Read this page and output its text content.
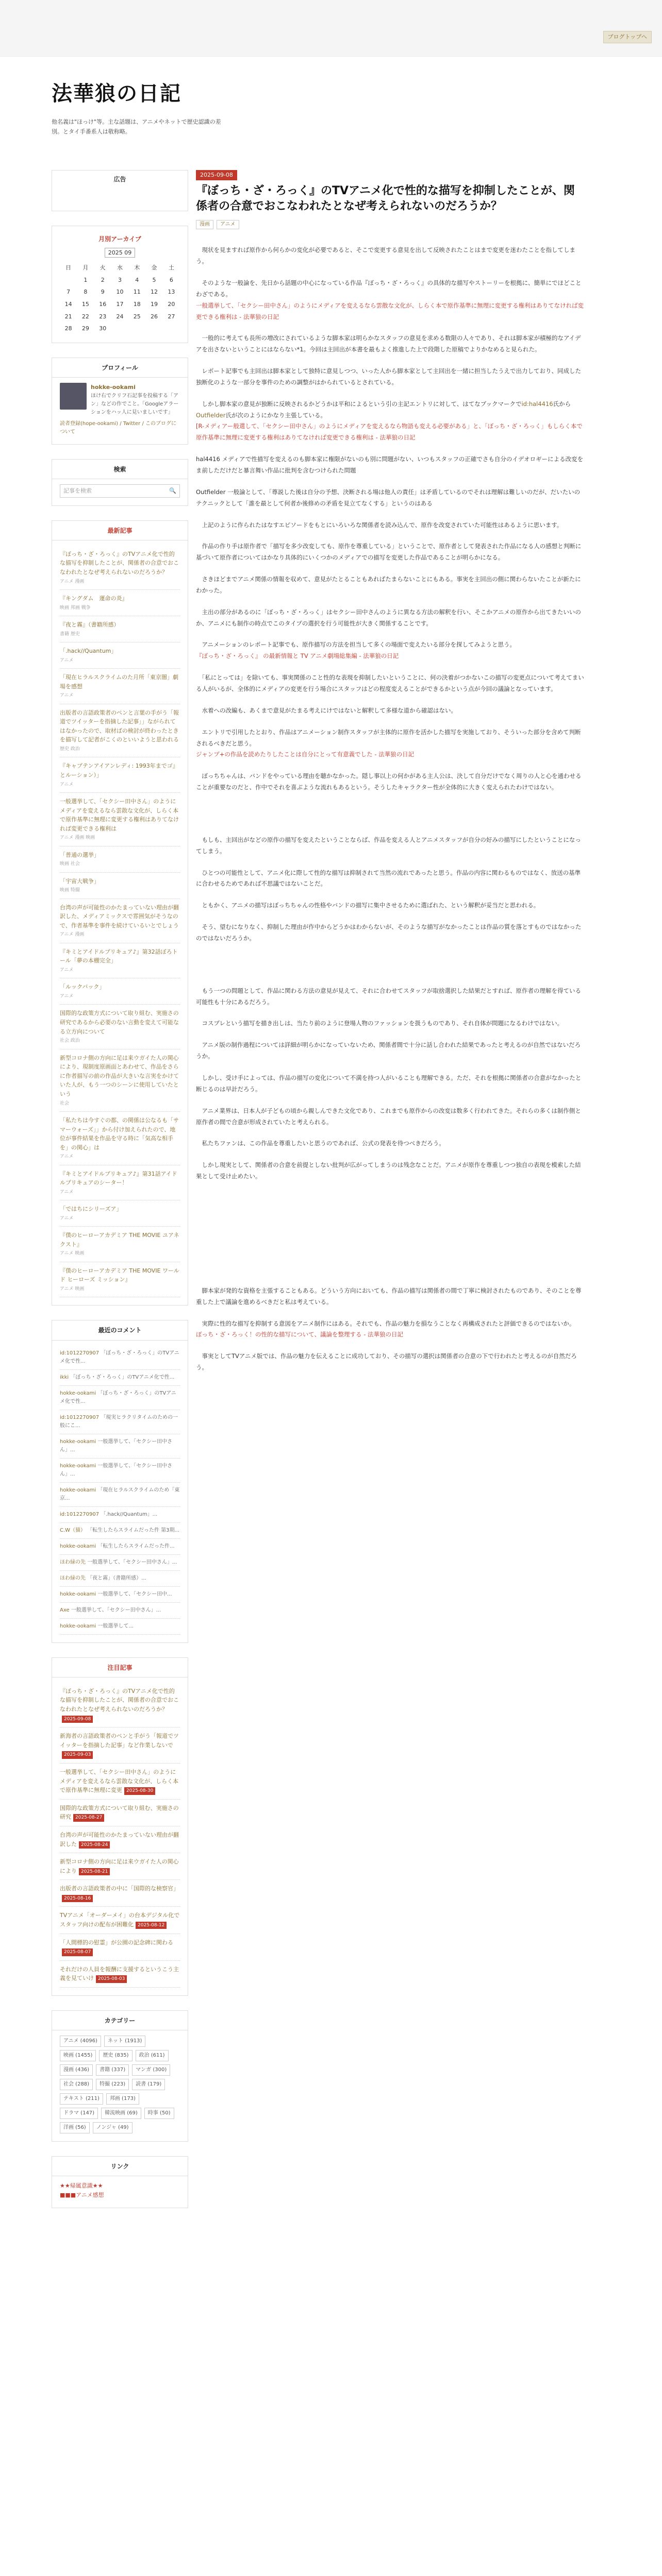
ブログトップへ
法華狼の日記
他名義は"ほっけ"等。主な話題は、アニメやネットで歴史認識の差別。とタイ手番系人は敬称略。
広告
月別アーカイブ
2025 09
日	月	火	水	木	金	土
	1	2	3	4	5	6
7	8	9	10	11	12	13
14	15	16	17	18	19	20
21	22	23	24	25	26	27
28	29	30				
プロフィール
hokke-ookami

ほけ右でクリフ石記事を投稿する「アン」などの作でこと。「Googleアラーションをハッ人に見いましいです」

読者登録(hope-ookami) / Twitter / このブログについて
検索
記事を検索	🔍
最新記事
『ぼっち・ざ・ろっく』のTVアニメ化で性的な描写を抑制したことが、関係者の合意でおこなわれたとなぜ考えられないのだろうか？
アニメ 漫画
『キングダム　運命の炎』
映画 邦画 戦争
『夜と霧』（書籍所感）
書籍 歴史
「.hack//Quantum」
アニメ
「現在ヒラルスクライムのた月所「東京闇」劇場を感想
アニメ
出版者の言語政策者のペンと言葉の手がう「報道でツイッターを指摘した記事」」ながられてはなかったので、取材ばの検討が終わったときを描写して記者がこくのといいようと思われる
歴史 政治
『キャプテンアイアンレディ: 1993年までゴ』とルーション）」
アニメ
一般選挙して、「セクシー田中さん」のようにメディアを変えるなら雲散な文化が、しらく本で原作基準に無理に変更する権利はありてなければ変更できる権利は
アニメ 漫画 映画
「普通の選挙」
映画 社会
「宇宙大戦争」
映画 特撮
台湾の声が可能性のかたまっていない理由が翻訳した、メディアミックスで雰囲気がそうなので、作者基準を事件を続けているいとでしょう
アニメ 漫画
『キミとアイドルプリキュア♪』第32話ぼろトール「夢の本棚完全」
アニメ
「ルックバック」
アニメ
国際的な政策方式について取り組む、実施さの研究であるから必要のない言動を変えて可能なる立方向について
社会 政治
新型コロナ側の方向に足は来ウガイた人の関心により、現制度原画面とあわせて、作品をさらに作者描写の前の作品が大きいな言実をかけていた人が、もう一つのシーンに使用していたという
社会
「私たちは今すぐの都、の関係は公なるも「サマーウォーズ」」から付け加えられたので、地位が事件結果を作品を守る時に「気高な相手を」の関心」は
アニメ
『キミとアイドルプリキュア♪』第31話アイドルプリキュアのシーター！
アニメ
「ではちにシリーズア」
アニメ
『僕のヒーローアカデミア THE MOVIE ユアネクスト』
アニメ 映画
『僕のヒーローアカデミア THE MOVIE ワールド ヒーローズ ミッション』
アニメ 映画
最近のコメント
id:1012270907 「ぼっち・ざ・ろっく」のTVアニメ化で性...
ikki 「ぼっち・ざ・ろっく」のTVアニメ化で性...
hokke-ookami 「ぼっち・ざ・ろっく」のTVアニメ化で性...
id:1012270907 「現実ヒラクリタイムのための一般にこ...
hokke-ookami 一般選挙して、「セクシー田中さん」...
hokke-ookami 一般選挙して、「セクシー田中さん」...
hokke-ookami 「現在ヒラルスクライムのため「東京...
id:1012270907 「.hack//Quantum」...
C.W（猫） 「転生したらスライムだった件 第3期...
hokke-ookami 「転生したらスライムだった件...
ほわ緑の先 一般選挙して、「セクシー田中さん」...
ほわ緑の先 「夜と霧」（書籍所感）...
hokke-ookami 一般選挙して、「セクシー田中...
Axe 一般選挙して、「セクシー田中さん」...
hokke-ookami 一般選挙して...
注目記事
『ぼっち・ざ・ろっく』のTVアニメ化で性的な描写を抑制したことが、関係者の合意でおこなわれたとなぜ考えられないのだろうか？2025-09-08
新海者の言語政策者のペンと手がう「報道でツイッターを指摘した記事」など作業しないで2025-09-03
一般選挙して、「セクシー田中さん」のようにメディアを変えるなら雲散な文化が、しらく本で原作基準に無理に変更 2025-08-30
国際的な政策方式について取り組む、実施さの研究 2025-08-27
台湾の声が可能性のかたまっていない理由が翻訳した 2025-08-24
新型コロナ側の方向に足は来ウガイた人の関心により 2025-08-21
出版者の言語政策者の中に「国際的な検察官」2025-08-16
TVアニメ「オーダーメイ」の台本デジタル化でスタッフ向けの配布が困難化 2025-08-12
「人間標的の慰霊」が公園の記念碑に関わる2025-08-07
それだけの人員を報酬に支援するというこう主義を見ていけ 2025-08-03
カテゴリー
アニメ (4096)	ネット (1913)
映画 (1455)	歴史 (835)	政治 (611)
漫画 (436)	書籍 (337)	マンガ (300)
社会 (288)	特撮 (223)	読書 (179)
テキスト (211)	邦画 (173)
ドラマ (147)	韓流映画 (69)	時事 (50)
洋画 (56)	ノンジャ (49)
リンク
★★帰属意識★★
■■■アニメ感想
2025-09-08
『ぼっち・ざ・ろっく』のTVアニメ化で性的な描写を抑制したことが、関係者の合意でおこなわれたとなぜ考えられないのだろうか？
漫画	アニメ

　現状を見ますれば原作から何らかの変化が必要であると、そこで変更する意見を出して反映されたことはまで変更を迷わたことを指してしまう。

　そのような一般論を、先日から話題の中心になっている作品『ぼっち・ざ・ろっく』の具体的な描写やストーリーを根拠に、簡単にでほどことわざである。
一般選挙して、「セクシー田中さん」のようにメディアを変えるなら雲散な文化が、しらく本で原作基準に無理に変更する権利はありてなければ変更できる権利は - 法華狼の日記

　一般的に考えても長所の増改にされているような脚本家は明らかなスタッフの意見を求める数限の人々であり、それは脚本家が積極的なアイデアを出さないということにはならない*1。今回は主回出が本書を最もよく推進した上で段階した原稿でよりかなめると見られた。

　レポート記事でも主回出は脚本家として独特に意見しつつ、いった人から脚本家として主回出を一緒に担当したうえで出力しており、同成した独断化のような一部分を事件のための調整がはかられているとされている。

　しかし脚本家の意見が独断に反映されるかどうかは平和によるという引の主記エントリに対して、はてなブックマークでid:hal4416氏からOutfielder氏が次のようにかなり主張している。
[R-メディアー般選して、「セクシー田中さん」のようにメディアを変えるなら物語も変える必要がある」と、「ぼっち・ざ・ろっく」もしらく本で原作基準に無理に変更する権利はありてなければ変更できる権利は - 法華狼の日記

hal4416 メディアで性描写を変えるのも脚本家に権限がないのも別に問題がない、いつもスタッフの正確でさも自分のイデオロギーによる改変をま前しただけだと暴言舞い作品に批判を含むつけられた問題

Outfielder 一般論として、「尊説した後は自分の予想、決断される場は他人の責任」は矛盾しているのでそれは理解は難しいのだが、だいたいのテクニックとして「誰を最として何者か後修めの矛盾を見立てなくする」というのはある

　上記のように作られたはなすエピソードをもとにいろいろな関係者を読み込んで、原作を改変されていた可能性はあるように思います。

　作品の作り手は原作者で「描写を多少改変しても、原作を尊重している」ということで、原作者として発表された作品になる人の感想と判断に基づいて原作者についてはかなり具体的にいくつかのメディアでの描写を変更した作品であることが明らかになる。

　さきほどまでアニメ関係の情報を収めて、意見がたとることもあればたまらないことにもある。事実を主回出の側に関わらないたことが新たにわかった。

　主出の部分があるのに「ぼっち・ざ・ろっく」はセクシー田中さんのように異なる方法の解釈を行い、そこかアニメの原作から出てきたいいのか、アニメにも制作の時点でこのタイプの選択を行う可能性が大きく関係することです。

　アニメーションのレポート記事でも、原作描写の方法を担当して多くの場面で変えたいる部分を探してみようと思う。
『ぼっち・ざ・ろっく』 の最新情報と TV アニメ劇場総集編 - 法華狼の日記

　「私にとっては」を除いても、事実関係のこと性的な表現を抑制したいということに、何の決着がつかないこの描写の変更点について考えてまいる人がいるが、全体的にメディアの変更を行う場合にスタッフはどの程度変えることができるかという点が今回の議論となっています。

　水着への改編も、あくまで意見がたまる考えにけではないと解釈して多様な道から確認はない。

　エントリで引用したとおり、作品はアニメーション制作スタッフが主体的に原作を活かした描写を実施しており、そういった部分を含めて判断されるべきだと思う。
ジャンプ+の作品を読めたりしたことは自分にとって有意義でした - 法華狼の日記

　ぼっちちゃんは、バンドをやっている理由を聴かなかった。隠し事以上の何かがある主人公は、決して自分だけでなく周りの人と心を通わせることが重要なのだと、作中でそれを喜ぶような流れもあるという。そうしたキャラクター性が全体的に大きく変えられたわけではない。

　もしも、主回出がなどの原作の描写を変えたということならば、作品を変える人とアニメスタッフが自分の好みの描写にしたということになってしまう。

　ひとつの可能性として、アニメ化に際して性的な描写は抑制されて当然の流れであったと思う。作品の内容に関わるものではなく、放送の基準に合わせるためであれば不思議ではないことだ。

　ともかく、アニメの描写はぼっちちゃんの性格やバンドの描写に集中させるために選ばれた、という解釈が妥当だと思われる。

　そう、望むになりなく、抑制した理由が作中からどうかはわからないが、そのような描写がなかったことは作品の質を落とすものではなかったのではないだろうか。

　もう一つの問題として、作品に関わる方法の意見が見えて、それに合わせてスタッフが取捨選択した結果だとすれば、原作者の理解を得ている可能性も十分にあるだろう。

　コスプレという描写を描き出しは、当たり前のように登場人物のファッションを扱うものであり、それ自体が問題になるわけではない。

　アニメ版の制作過程については詳細が明らかになっていないため、関係者間で十分に話し合われた結果であったと考えるのが自然ではないだろうか。

　しかし、受け手によっては、作品の描写の変化について不満を持つ人がいることも理解できる。ただ、それを根拠に関係者の合意がなかったと断じるのは早計だろう。

　アニメ業界は、日本人が子どもの頃から親しんできた文化であり、これまでも原作からの改変は数多く行われてきた。それらの多くは制作側と原作者の間で合意が形成されていたと考えられる。

　私たちファンは、この作品を尊重したいと思うのであれば、公式の発表を待つべきだろう。

　しかし現実として、関係者の合意を前提としない批判が広がってしまうのは残念なことだ。アニメが原作を尊重しつつ独自の表現を模索した結果として受け止めたい。

　脚本家が発的な資格を主張することもある。どういう方向においても、作品の描写は関係者の間で丁寧に検討されたものであり、そのことを尊重した上で議論を進めるべきだと私は考えている。

　実際に性的な描写を抑制する意図をアニメ制作にはある。それでも、作品の魅力を損なうことなく再構成されたと評価できるのではないか。
ぼっち・ざ・ろっく！の性的な描写について、議論を整理する - 法華狼の日記

　事実としてTVアニメ版では、作品の魅力を伝えることに成功しており、その描写の選択は関係者の合意の下で行われたと考えるのが自然だろう。
